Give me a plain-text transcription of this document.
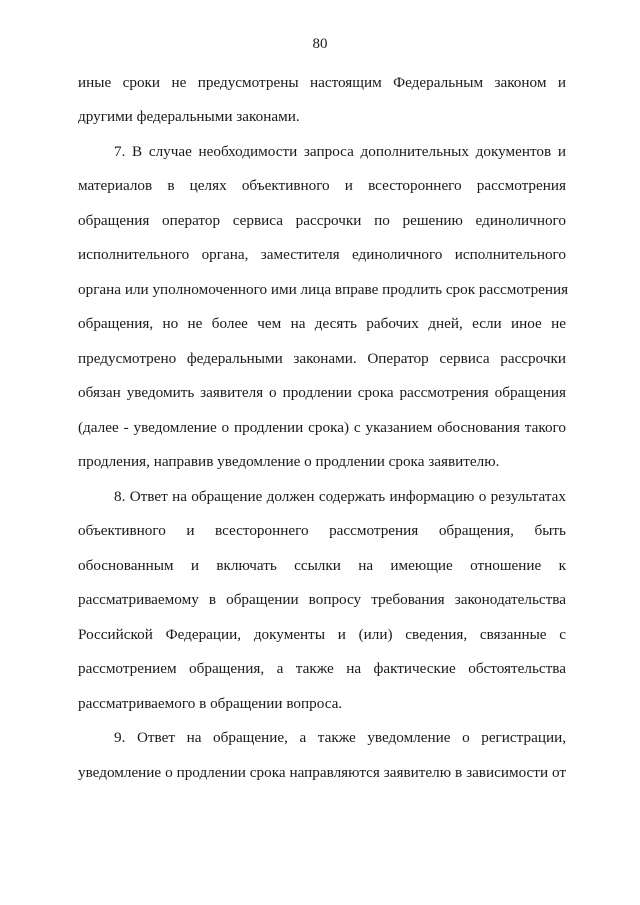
80
иные сроки не предусмотрены настоящим Федеральным законом и
другими федеральными законами.
7. В случае необходимости запроса дополнительных документов и
материалов в целях объективного и всестороннего рассмотрения
обращения оператор сервиса рассрочки по решению единоличного
исполнительного органа, заместителя единоличного исполнительного
органа или уполномоченного ими лица вправе продлить срок рассмотрения
обращения, но не более чем на десять рабочих дней, если иное не
предусмотрено федеральными законами. Оператор сервиса рассрочки
обязан уведомить заявителя о продлении срока рассмотрения обращения
(далее - уведомление о продлении срока) с указанием обоснования такого
продления, направив уведомление о продлении срока заявителю.
8. Ответ на обращение должен содержать информацию о результатах
объективного и всестороннего рассмотрения обращения, быть
обоснованным и включать ссылки на имеющие отношение к
рассматриваемому в обращении вопросу требования законодательства
Российской Федерации, документы и (или) сведения, связанные с
рассмотрением обращения, а также на фактические обстоятельства
рассматриваемого в обращении вопроса.
9. Ответ на обращение, а также уведомление о регистрации,
уведомление о продлении срока направляются заявителю в зависимости от
